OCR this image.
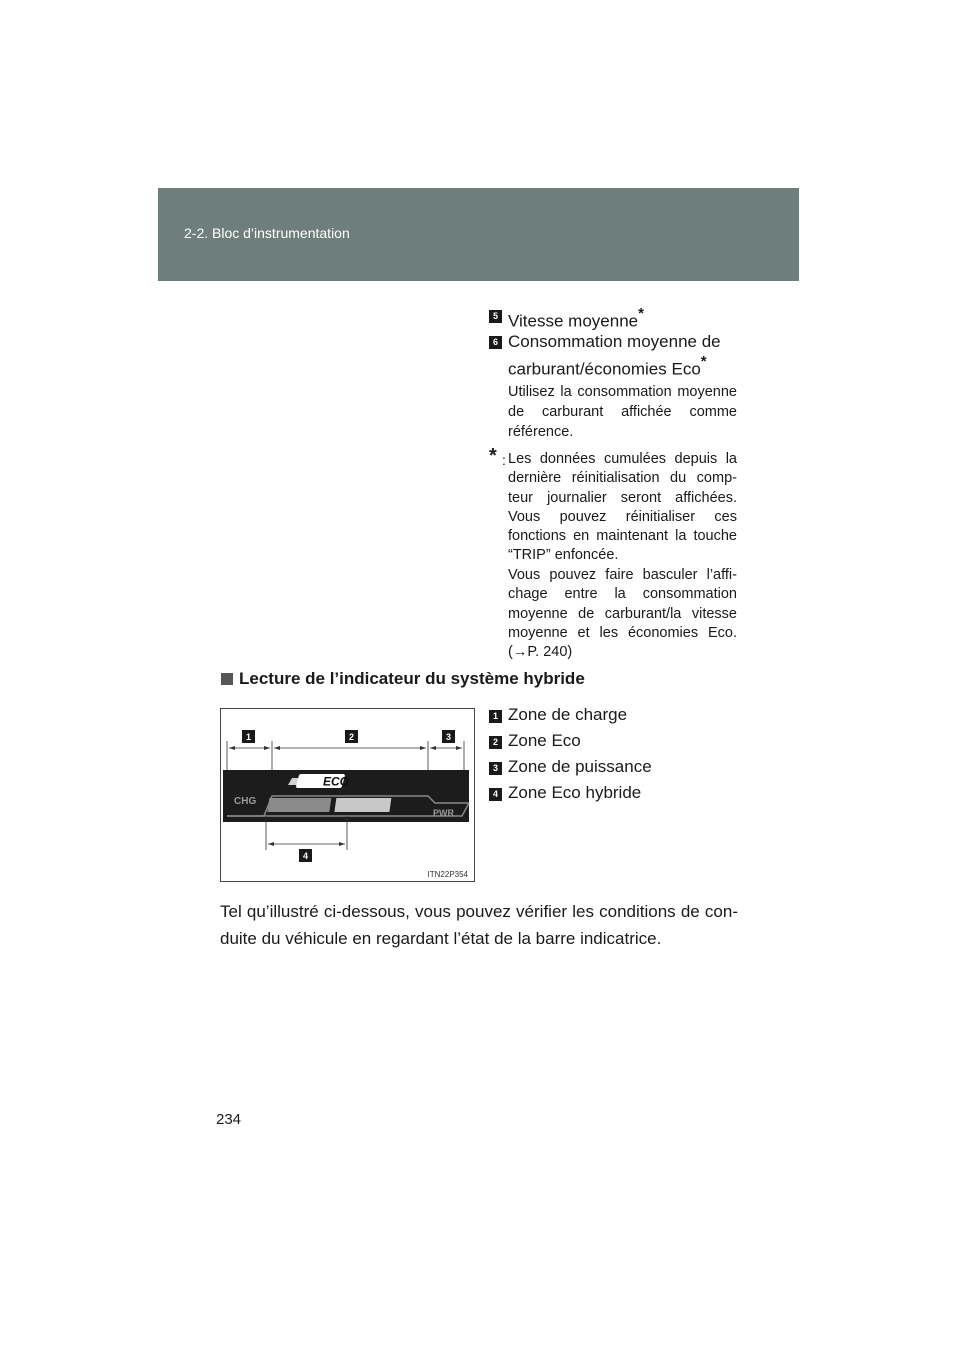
2-2. Bloc d’instrumentation
5 Vitesse moyenne*
6 Consommation moyenne de
carburant/économies Eco*
Utilisez la consommation moyenne de carburant affichée comme référence.
* : Les données cumulées depuis la dernière réinitialisation du compteur journalier seront affichées. Vous pouvez réinitialiser ces fonctions en maintenant la touche “TRIP” enfoncée.
Vous pouvez faire basculer l’affichage entre la consommation moyenne de carburant/la vitesse moyenne et les économies Eco. (→P. 240)
Lecture de l’indicateur du système hybride
1	2	3
ECO
CHG
PWR
4
ITN22P354
1 Zone de charge
2 Zone Eco
3 Zone de puissance
4 Zone Eco hybride
Tel qu’illustré ci-dessous, vous pouvez vérifier les conditions de conduite du véhicule en regardant l’état de la barre indicatrice.
234
